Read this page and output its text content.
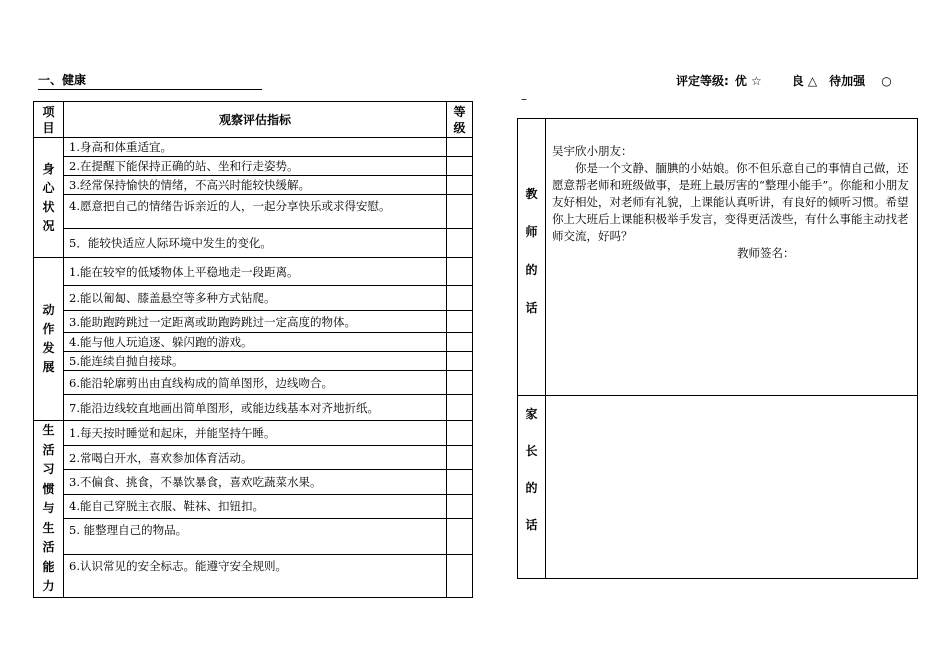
一、健康	评定等级: 优 ☆	良 △ 待加强 ○
–
项目	观察评估指标	等级

身心状况	1.身高和体重适宜。	
	2.在提醒下能保持正确的站、坐和行走姿势。	
	3.经常保持愉快的情绪，不高兴时能较快缓解。	
	4.愿意把自己的情绪告诉亲近的人，一起分享快乐或求得安慰。	
	5．能较快适应人际环境中发生的变化。	

动作发展	1.能在较窄的低矮物体上平稳地走一段距离。	
	2.能以匍匐、膝盖悬空等多种方式钻爬。	
	3.能助跑跨跳过一定距离或助跑跨跳过一定高度的物体。	
	4.能与他人玩追逐、躲闪跑的游戏。	
	5.能连续自抛自接球。	
	6.能沿轮廓剪出由直线构成的简单图形，边线吻合。	
	7.能沿边线较直地画出简单图形，或能边线基本对齐地折纸。	

生活习惯与生活能力	1.每天按时睡觉和起床，并能坚持午睡。	
	2.常喝白开水，喜欢参加体育活动。	
	3.不偏食、挑食，不暴饮暴食，喜欢吃蔬菜水果。	
	4.能自己穿脱主衣服、鞋袜、扣钮扣。	
	5. 能整理自己的物品。	
	6.认识常见的安全标志。能遵守安全规则。	
教师的话	吴宇欣小朋友：

你是一个文静、腼腆的小姑娘。你不但乐意自己的事情自己做，还愿意帮老师和班级做事，是班上最厉害的“整理小能手”。你能和小朋友友好相处，对老师有礼貌，上课能认真听讲，有良好的倾听习惯。希望你上大班后上课能积极举手发言，变得更活泼些，有什么事能主动找老师交流，好吗？

教师签名：

家长的话	
